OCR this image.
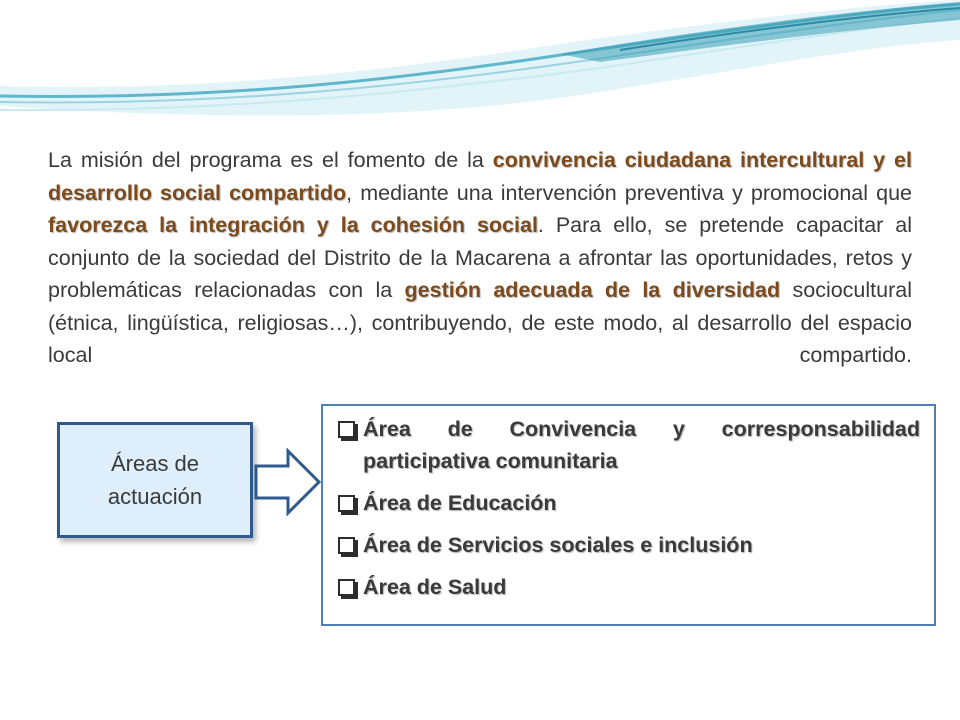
La misión del programa es el fomento de la convivencia ciudadana intercultural y el desarrollo social compartido, mediante una intervención preventiva y promocional que favorezca la integración y la cohesión social. Para ello, se pretende capacitar al conjunto de la sociedad del Distrito de la Macarena a afrontar las oportunidades, retos y problemáticas relacionadas con la gestión adecuada de la diversidad sociocultural (étnica, lingüística, religiosas…), contribuyendo, de este modo, al desarrollo del espacio local compartido.

Áreas de
actuación
Área de Convivencia y corresponsabilidad
participativa comunitaria
Área de Educación
Área de Servicios sociales e inclusión
Área de Salud
